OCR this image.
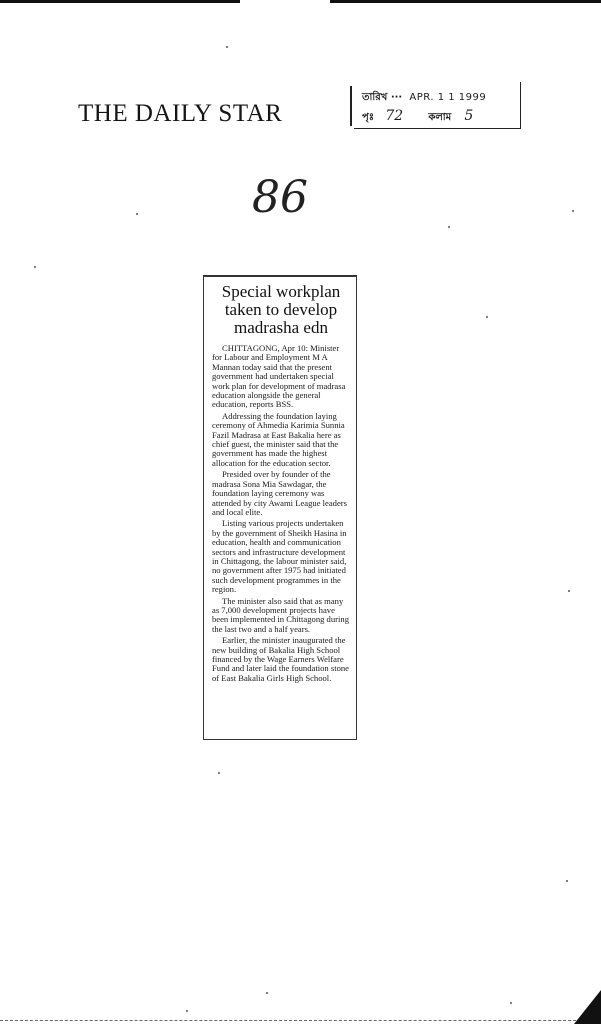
THE DAILY STAR
তারিখ ··· APR. 1 1 1999
পৃঃ 72	কলাম 5
86
Special workplan taken to develop madrasha edn

CHITTAGONG, Apr 10: Minister for Labour and Employment M A Mannan today said that the present government had undertaken special work plan for development of madrasa education alongside the general education, reports BSS.

Addressing the foundation laying ceremony of Ahmedia Karimia Sunnia Fazil Madrasa at East Bakalia here as chief guest, the minister said that the government has made the highest allocation for the education sector.

Presided over by founder of the madrasa Sona Mia Sawdagar, the foundation laying ceremony was attended by city Awami League leaders and local elite.

Listing various projects undertaken by the government of Sheikh Hasina in education, health and communication sectors and infrastructure development in Chittagong, the labour minister said, no government after 1975 had initiated such development programmes in the region.

The minister also said that as many as 7,000 development projects have been implemented in Chittagong during the last two and a half years.

Earlier, the minister inaugurated the new building of Bakalia High School financed by the Wage Earners Welfare Fund and later laid the foundation stone of East Bakalia Girls High School.
